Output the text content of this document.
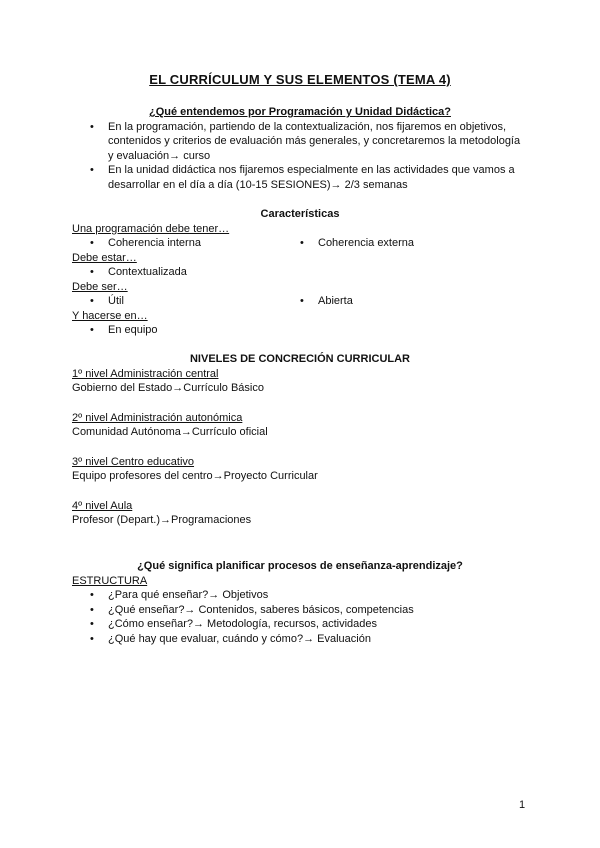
EL CURRÍCULUM Y SUS ELEMENTOS (TEMA 4)
¿Qué entendemos por Programación y Unidad Didáctica?
• En la programación, partiendo de la contextualización, nos fijaremos en objetivos, contenidos y criterios de evaluación más generales, y concretaremos la metodología y evaluación→ curso
• En la unidad didáctica nos fijaremos especialmente en las actividades que vamos a desarrollar en el día a día (10-15 SESIONES)→ 2/3 semanas
Características
Una programación debe tener…
• Coherencia interna	• Coherencia externa
Debe estar…
• Contextualizada
Debe ser…
• Útil	• Abierta
Y hacerse en…
• En equipo
NIVELES DE CONCRECIÓN CURRICULAR
1º nivel Administración central
Gobierno del Estado→Currículo Básico
2º nivel Administración autonómica
Comunidad Autónoma→Currículo oficial
3º nivel Centro educativo
Equipo profesores del centro→Proyecto Curricular
4º nivel Aula
Profesor (Depart.)→Programaciones
¿Qué significa planificar procesos de enseñanza-aprendizaje?
ESTRUCTURA
• ¿Para qué enseñar?→ Objetivos
• ¿Qué enseñar?→ Contenidos, saberes básicos, competencias
• ¿Cómo enseñar?→ Metodología, recursos, actividades
• ¿Qué hay que evaluar, cuándo y cómo?→ Evaluación
1
